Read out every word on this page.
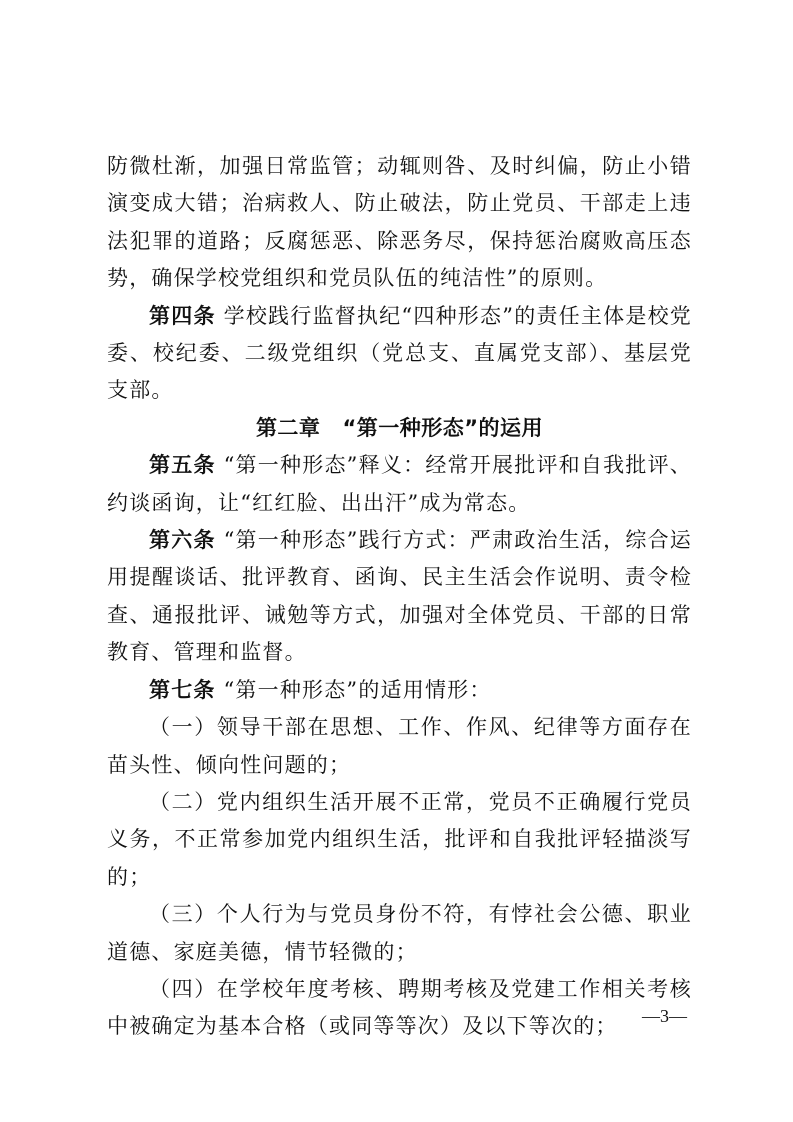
防微杜渐，加强日常监管；动辄则咎、及时纠偏，防止小错演变成大错；治病救人、防止破法，防止党员、干部走上违法犯罪的道路；反腐惩恶、除恶务尽，保持惩治腐败高压态势，确保学校党组织和党员队伍的纯洁性”的原则。

第四条 学校践行监督执纪“四种形态”的责任主体是校党委、校纪委、二级党组织（党总支、直属党支部）、基层党支部。

第二章 “第一种形态”的运用

第五条 “第一种形态”释义：经常开展批评和自我批评、约谈函询，让“红红脸、出出汗”成为常态。

第六条 “第一种形态”践行方式：严肃政治生活，综合运用提醒谈话、批评教育、函询、民主生活会作说明、责令检查、通报批评、诫勉等方式，加强对全体党员、干部的日常教育、管理和监督。

第七条 “第一种形态”的适用情形：

（一）领导干部在思想、工作、作风、纪律等方面存在苗头性、倾向性问题的；

（二）党内组织生活开展不正常，党员不正确履行党员义务，不正常参加党内组织生活，批评和自我批评轻描淡写的；

（三）个人行为与党员身份不符，有悖社会公德、职业道德、家庭美德，情节轻微的；

（四）在学校年度考核、聘期考核及党建工作相关考核中被确定为基本合格（或同等等次）及以下等次的；	—3—
